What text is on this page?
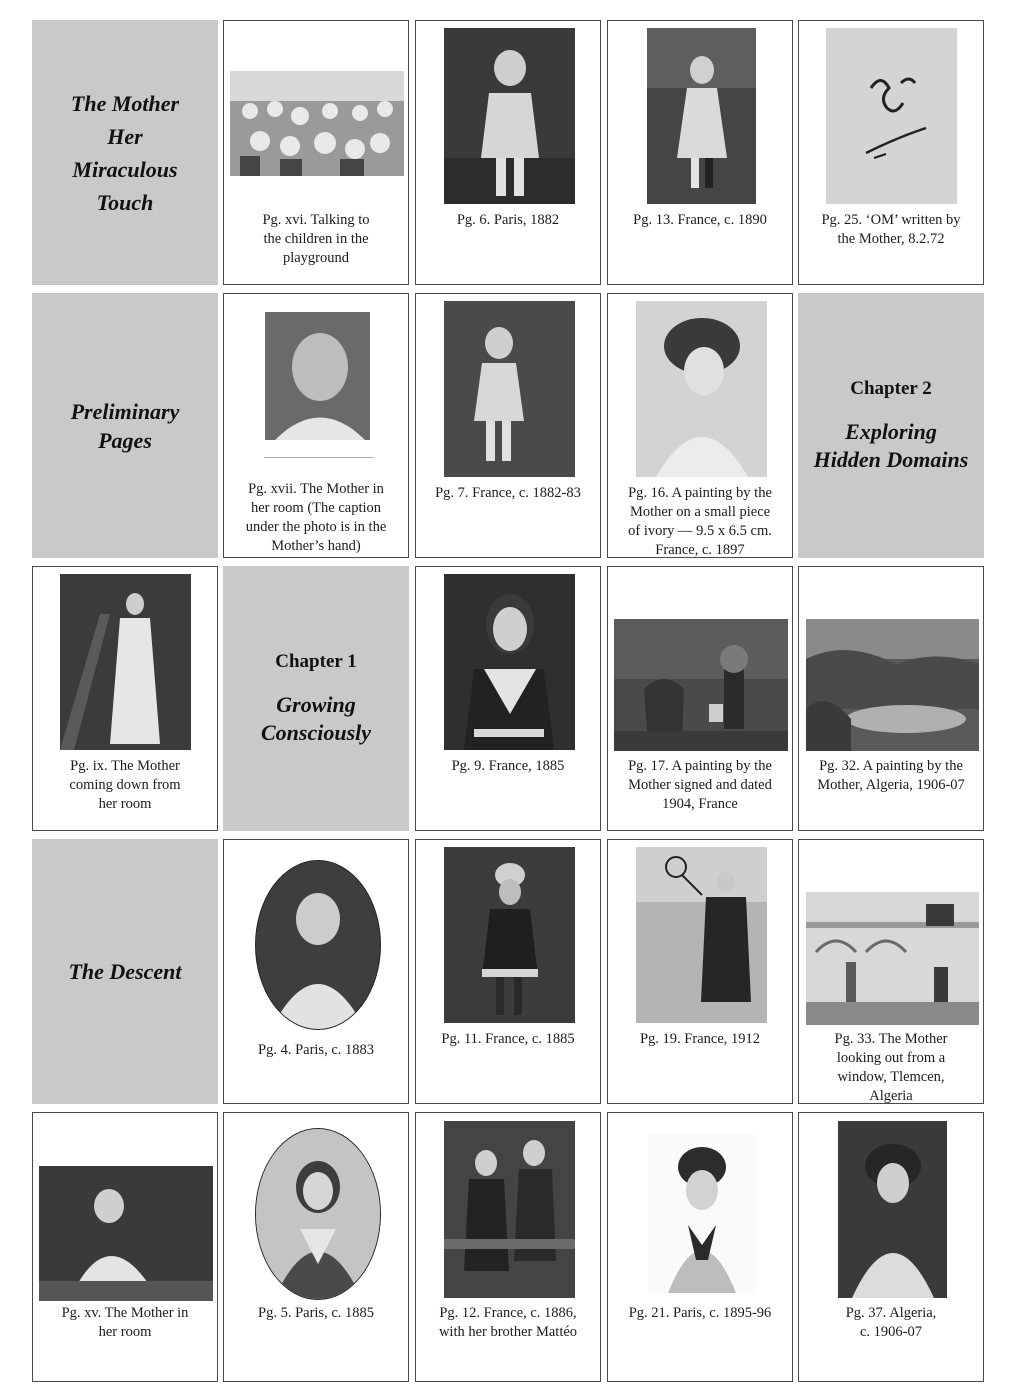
The Mother
Her
Miraculous
Touch
Pg. xvi. Talking to
the children in the
playground
Pg. 6. Paris, 1882	Pg. 13. France, c. 1890	Pg. 25. ‘OM’ written by
the Mother, 8.2.72
Preliminary
Pages
Pg. xvii. The Mother in
her room (The caption
under the photo is in the
Mother’s hand)
Pg. 7. France, c. 1882-83	Pg. 16. A painting by the
Mother on a small piece
of ivory — 9.5 x 6.5 cm.
France, c. 1897
Chapter 2
Exploring
Hidden Domains
Pg. ix. The Mother
coming down from
her room
Chapter 1
Growing
Consciously
Pg. 9. France, 1885	Pg. 17. A painting by the
Mother signed and dated
1904, France
Pg. 32. A painting by the
Mother, Algeria, 1906-07
The Descent
Pg. 4. Paris, c. 1883
Pg. 11. France, c. 1885	Pg. 19. France, 1912	Pg. 33. The Mother
looking out from a
window, Tlemcen,
Algeria
Pg. xv. The Mother in
her room
Pg. 5. Paris, c. 1885	Pg. 12. France, c. 1886,
with her brother Mattéo
Pg. 21. Paris, c. 1895-96	Pg. 37. Algeria,
c. 1906-07
